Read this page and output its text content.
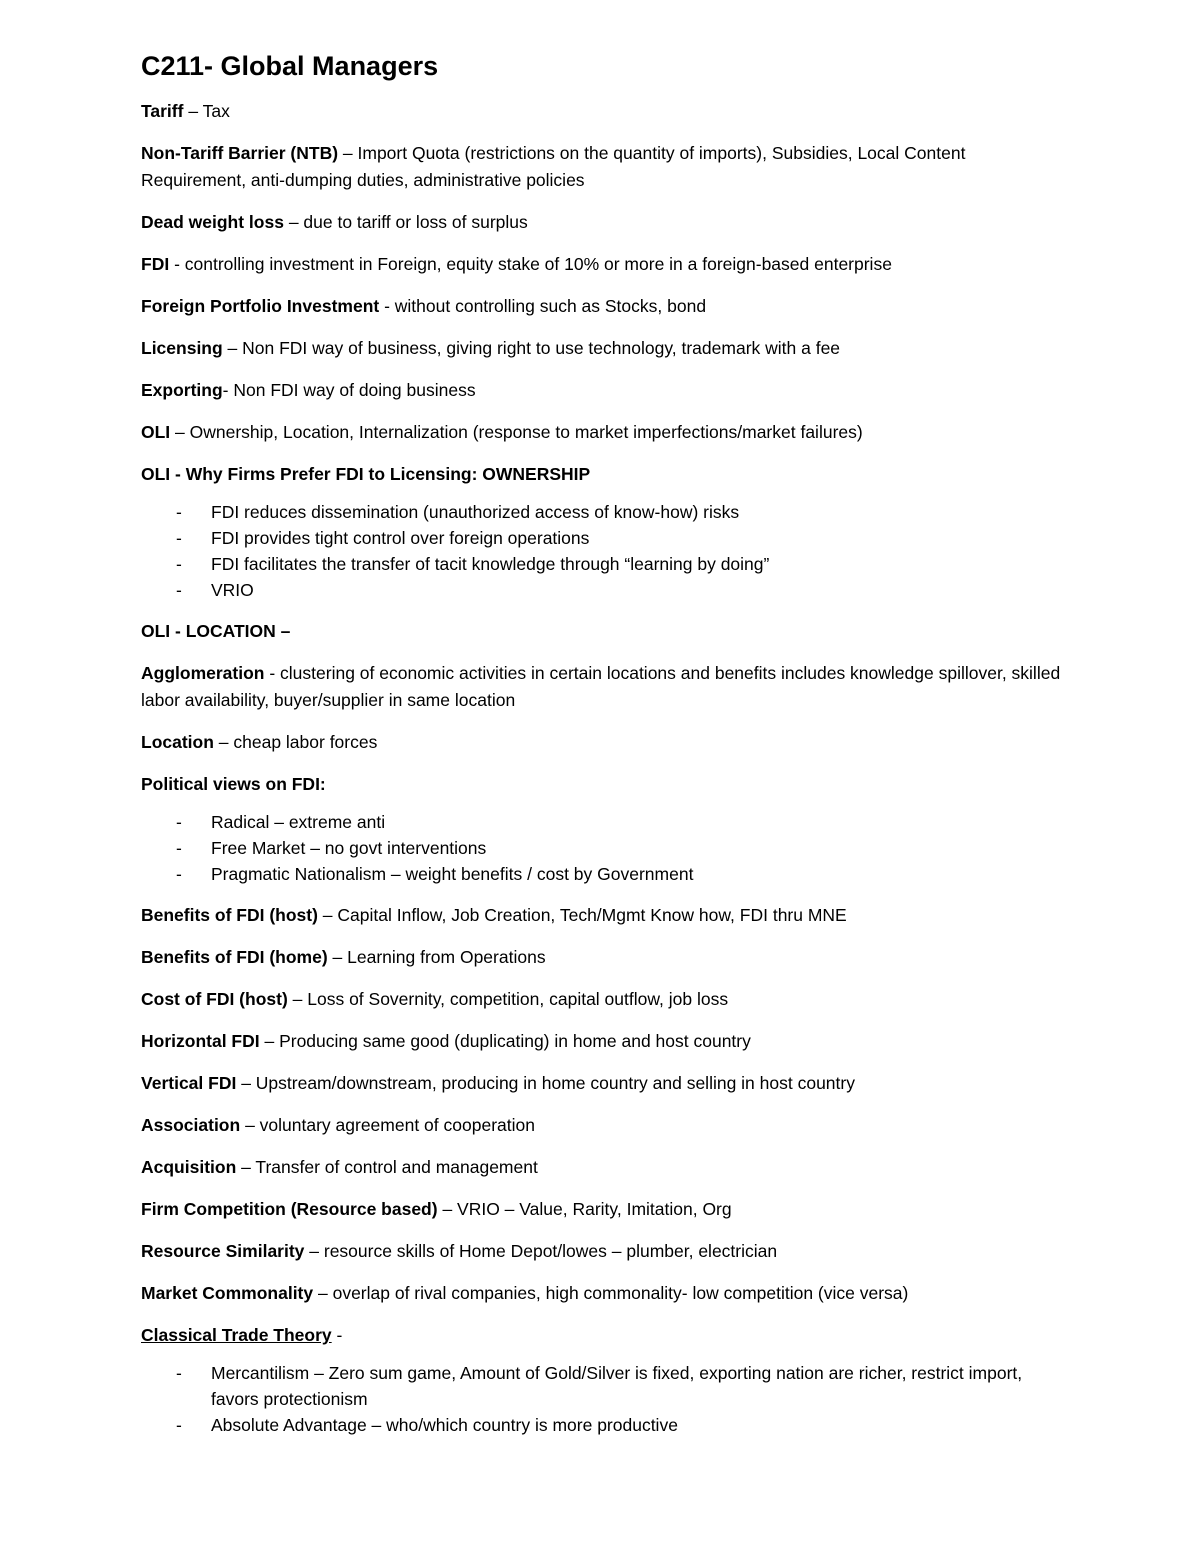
C211- Global Managers

Tariff – Tax

Non-Tariff Barrier (NTB) – Import Quota (restrictions on the quantity of imports), Subsidies, Local Content Requirement, anti-dumping duties, administrative policies

Dead weight loss – due to tariff or loss of surplus

FDI - controlling investment in Foreign, equity stake of 10% or more in a foreign-based enterprise

Foreign Portfolio Investment - without controlling such as Stocks, bond

Licensing – Non FDI way of business, giving right to use technology, trademark with a fee

Exporting- Non FDI way of doing business

OLI – Ownership, Location, Internalization (response to market imperfections/market failures)

OLI - Why Firms Prefer FDI to Licensing: OWNERSHIP

- FDI reduces dissemination (unauthorized access of know-how) risks
- FDI provides tight control over foreign operations
- FDI facilitates the transfer of tacit knowledge through “learning by doing”
- VRIO

OLI - LOCATION –

Agglomeration - clustering of economic activities in certain locations and benefits includes knowledge spillover, skilled labor availability, buyer/supplier in same location

Location – cheap labor forces

Political views on FDI:

- Radical – extreme anti
- Free Market – no govt interventions
- Pragmatic Nationalism – weight benefits / cost by Government

Benefits of FDI (host) – Capital Inflow, Job Creation, Tech/Mgmt Know how, FDI thru MNE

Benefits of FDI (home) – Learning from Operations

Cost of FDI (host) – Loss of Sovernity, competition, capital outflow, job loss

Horizontal FDI – Producing same good (duplicating) in home and host country

Vertical FDI – Upstream/downstream, producing in home country and selling in host country

Association – voluntary agreement of cooperation

Acquisition – Transfer of control and management

Firm Competition (Resource based) – VRIO – Value, Rarity, Imitation, Org

Resource Similarity – resource skills of Home Depot/lowes – plumber, electrician

Market Commonality – overlap of rival companies, high commonality- low competition (vice versa)

Classical Trade Theory -

- Mercantilism – Zero sum game, Amount of Gold/Silver is fixed, exporting nation are richer, restrict import, favors protectionism
- Absolute Advantage – who/which country is more productive
